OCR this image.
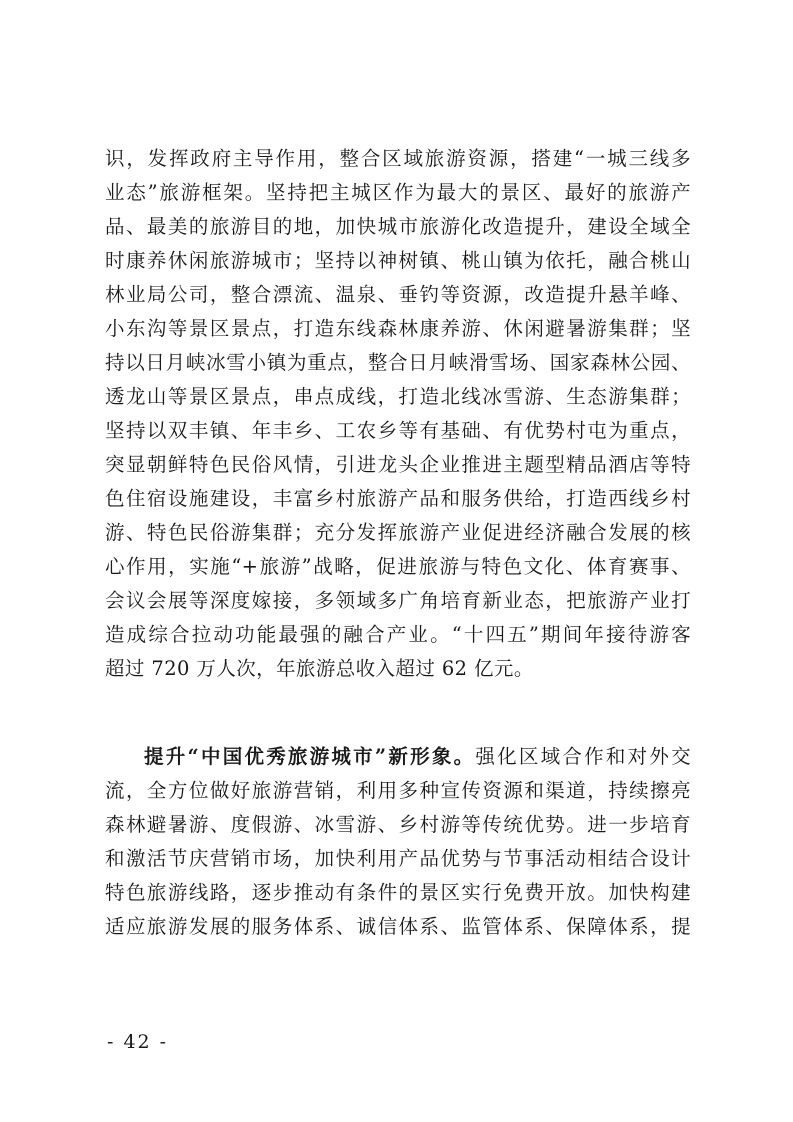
识，发挥政府主导作用，整合区域旅游资源，搭建“一城三线多
业态”旅游框架。坚持把主城区作为最大的景区、最好的旅游产
品、最美的旅游目的地，加快城市旅游化改造提升，建设全域全
时康养休闲旅游城市；坚持以神树镇、桃山镇为依托，融合桃山
林业局公司，整合漂流、温泉、垂钓等资源，改造提升悬羊峰、
小东沟等景区景点，打造东线森林康养游、休闲避暑游集群；坚
持以日月峡冰雪小镇为重点，整合日月峡滑雪场、国家森林公园、
透龙山等景区景点，串点成线，打造北线冰雪游、生态游集群；
坚持以双丰镇、年丰乡、工农乡等有基础、有优势村屯为重点，
突显朝鲜特色民俗风情，引进龙头企业推进主题型精品酒店等特
色住宿设施建设，丰富乡村旅游产品和服务供给，打造西线乡村
游、特色民俗游集群；充分发挥旅游产业促进经济融合发展的核
心作用，实施“+旅游”战略，促进旅游与特色文化、体育赛事、
会议会展等深度嫁接，多领域多广角培育新业态，把旅游产业打
造成综合拉动功能最强的融合产业。“十四五”期间年接待游客
超过 720 万人次，年旅游总收入超过 62 亿元。
提升“中国优秀旅游城市”新形象。强化区域合作和对外交
流，全方位做好旅游营销，利用多种宣传资源和渠道，持续擦亮
森林避暑游、度假游、冰雪游、乡村游等传统优势。进一步培育
和激活节庆营销市场，加快利用产品优势与节事活动相结合设计
特色旅游线路，逐步推动有条件的景区实行免费开放。加快构建
适应旅游发展的服务体系、诚信体系、监管体系、保障体系，提
- 42 -
